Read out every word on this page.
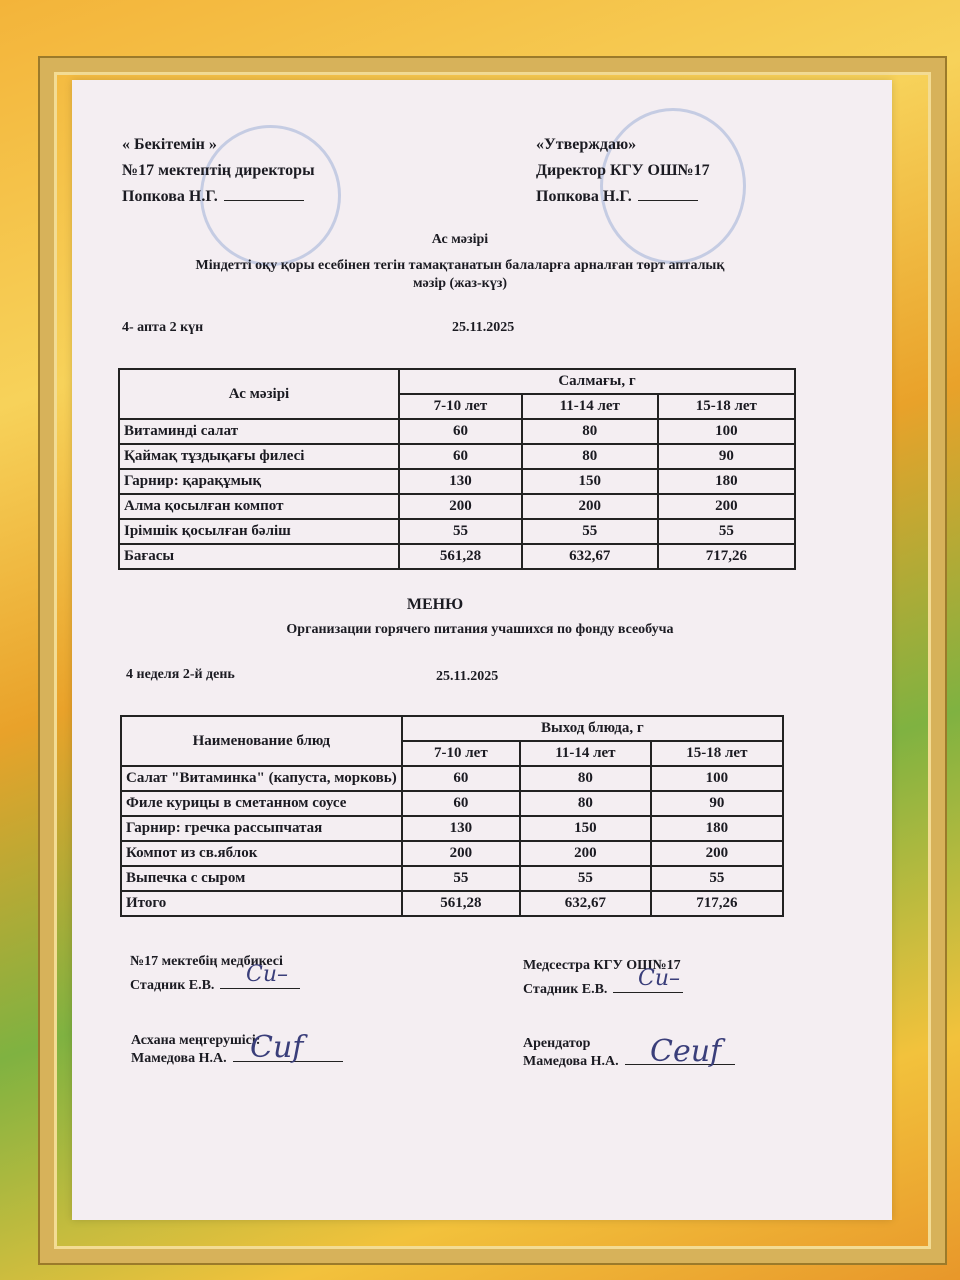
« Бекітемін »
№17 мектептің директоры
Попкова Н.Г.
«Утверждаю»
Директор КГУ ОШ№17
Попкова Н.Г.
Ас мәзірі
Міндетті оқу қоры есебінен тегін тамақтанатын балаларға арналған төрт апталық
мәзір (жаз-күз)
4- апта 2 күн	25.11.2025
Ас мәзірі	Салмағы, г		
	7-10 лет	11-14 лет	15-18 лет
Витаминді салат	60	80	100
Қаймақ тұздықағы филесі	60	80	90
Гарнир: қарақұмық	130	150	180
Алма қосылған компот	200	200	200
Ірімшік қосылған бәліш	55	55	55
Бағасы	561,28	632,67	717,26
МЕНЮ
Организации горячего питания учашихся по фонду всеобуча
4 неделя 2-й день	25.11.2025
Наименование блюд	Выход блюда, г		
	7-10 лет	11-14 лет	15-18 лет
Салат "Витаминка" (капуста, морковь)	60	80	100
Филе курицы в сметанном соусе	60	80	90
Гарнир: гречка рассыпчатая	130	150	180
Компот из св.яблок	200	200	200
Выпечка с сыром	55	55	55
Итого	561,28	632,67	717,26
№17 мектебің медбикесі
Стадник Е.В.	Cи–	Медсестра КГУ ОШ№17
Стадник Е.В.	Cи–
Асхана меңгерушісі:
Мамедова Н.А. Cuf	Арендатор
Мамедова Н.А.	Ceuf
